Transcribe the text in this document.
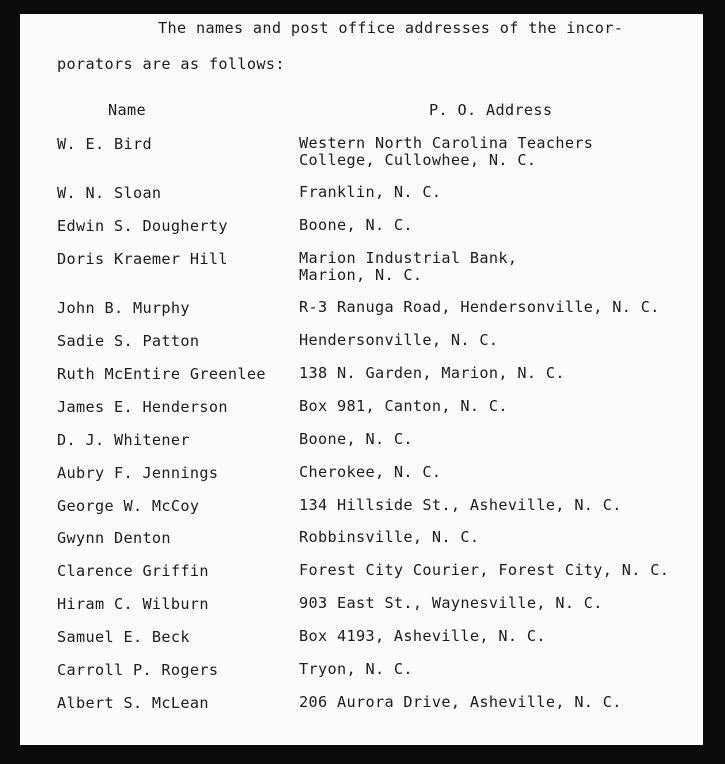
The names and post office addresses of the incor-
porators are as follows:
Name	P. O. Address
W. E. Bird	Western North Carolina Teachers
College, Cullowhee, N. C.
W. N. Sloan	Franklin, N. C.
Edwin S. Dougherty	Boone, N. C.
Doris Kraemer Hill	Marion Industrial Bank,
Marion, N. C.
John B. Murphy	R-3 Ranuga Road, Hendersonville, N. C.
Sadie S. Patton	Hendersonville, N. C.
Ruth McEntire Greenlee 138 N. Garden, Marion, N. C.
James E. Henderson	Box 981, Canton, N. C.
D. J. Whitener	Boone, N. C.
Aubry F. Jennings	Cherokee, N. C.
George W. McCoy	134 Hillside St., Asheville, N. C.
Gwynn Denton	Robbinsville, N. C.
Clarence Griffin	Forest City Courier, Forest City, N. C.
Hiram C. Wilburn	903 East St., Waynesville, N. C.
Samuel E. Beck	Box 4193, Asheville, N. C.
Carroll P. Rogers	Tryon, N. C.
Albert S. McLean	206 Aurora Drive, Asheville, N. C.
